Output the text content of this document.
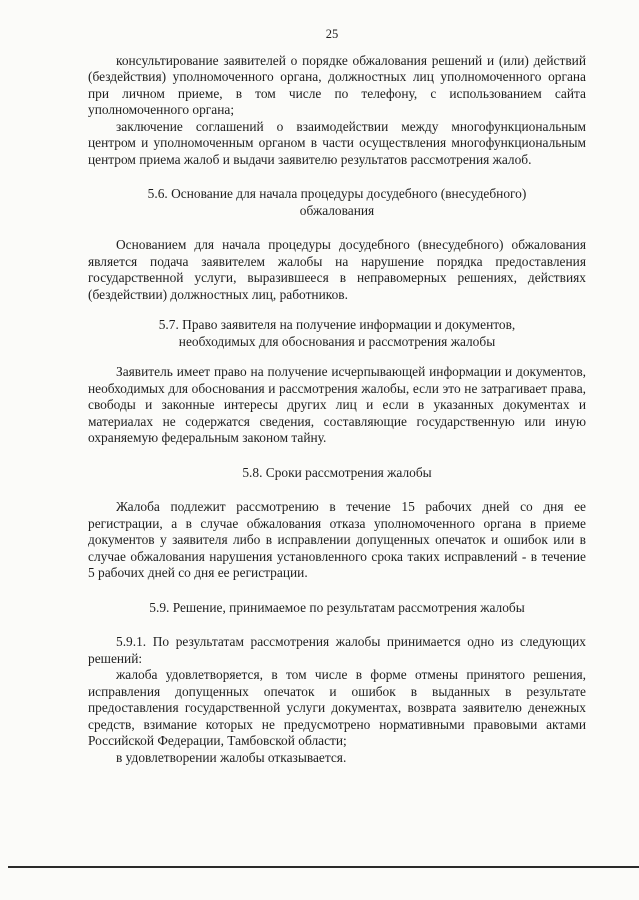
25
консультирование заявителей о порядке обжалования решений и (или) действий (бездействия) уполномоченного органа, должностных лиц уполномоченного органа при личном приеме, в том числе по телефону, с использованием сайта уполномоченного органа;
заключение соглашений о взаимодействии между многофункциональным центром и уполномоченным органом в части осуществления многофункциональным центром приема жалоб и выдачи заявителю результатов рассмотрения жалоб.
5.6. Основание для начала процедуры досудебного (внесудебного) обжалования
Основанием для начала процедуры досудебного (внесудебного) обжалования является подача заявителем жалобы на нарушение порядка предоставления государственной услуги, выразившееся в неправомерных решениях, действиях (бездействии) должностных лиц, работников.
5.7. Право заявителя на получение информации и документов, необходимых для обоснования и рассмотрения жалобы
Заявитель имеет право на получение исчерпывающей информации и документов, необходимых для обоснования и рассмотрения жалобы, если это не затрагивает права, свободы и законные интересы других лиц и если в указанных документах и материалах не содержатся сведения, составляющие государственную или иную охраняемую федеральным законом тайну.
5.8. Сроки рассмотрения жалобы
Жалоба подлежит рассмотрению в течение 15 рабочих дней со дня ее регистрации, а в случае обжалования отказа уполномоченного органа в приеме документов у заявителя либо в исправлении допущенных опечаток и ошибок или в случае обжалования нарушения установленного срока таких исправлений - в течение 5 рабочих дней со дня ее регистрации.
5.9. Решение, принимаемое по результатам рассмотрения жалобы
5.9.1. По результатам рассмотрения жалобы принимается одно из следующих решений:
жалоба удовлетворяется, в том числе в форме отмены принятого решения, исправления допущенных опечаток и ошибок в выданных в результате предоставления государственной услуги документах, возврата заявителю денежных средств, взимание которых не предусмотрено нормативными правовыми актами Российской Федерации, Тамбовской области;
в удовлетворении жалобы отказывается.
